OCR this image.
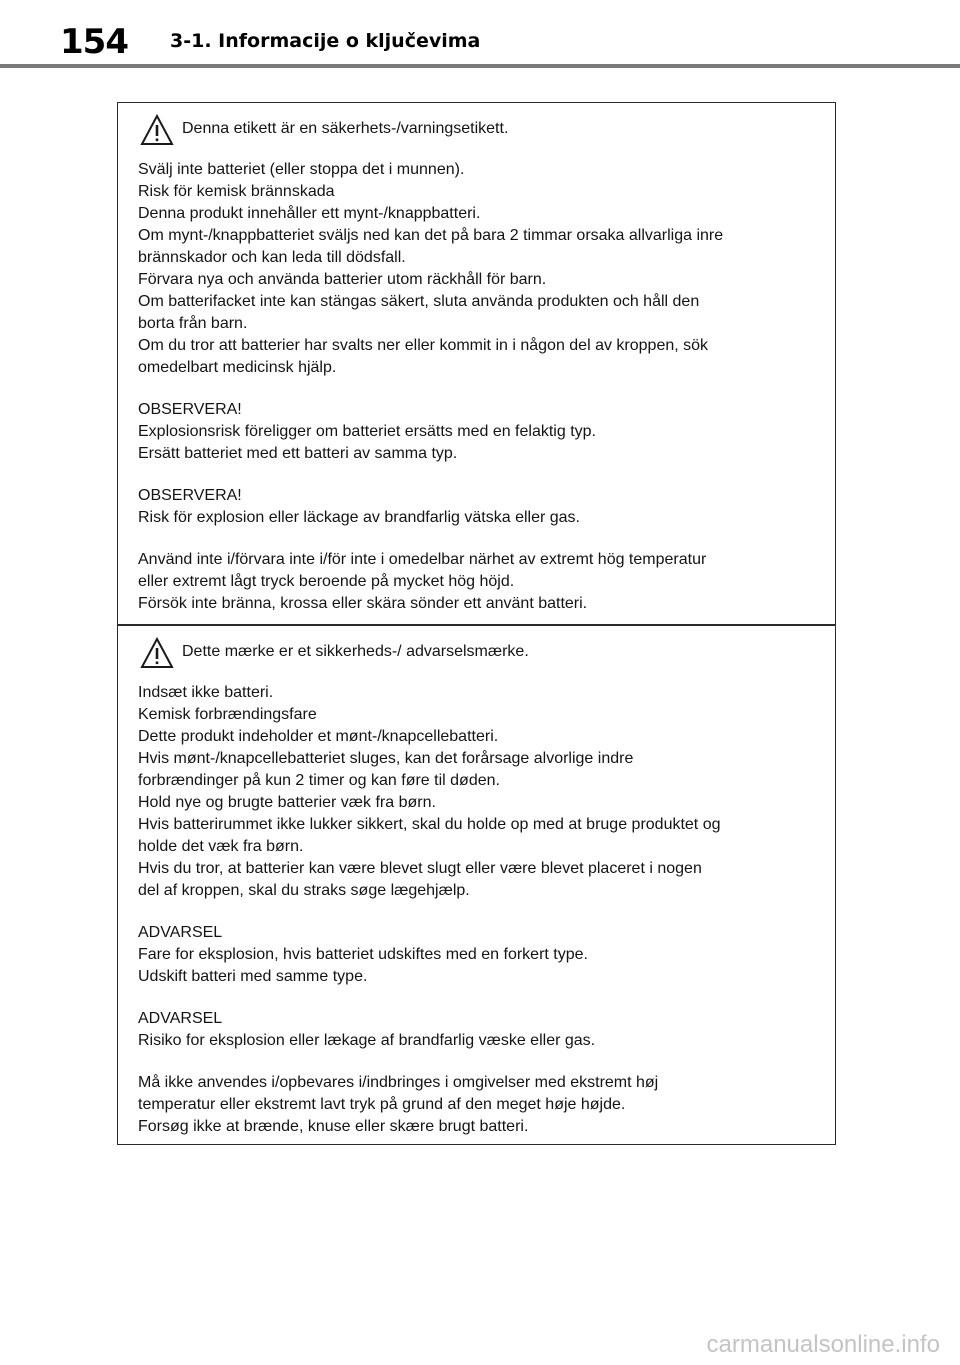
154 3-1. Informacije o ključevima
Denna etikett är en säkerhets-/varningsetikett.
Svälj inte batteriet (eller stoppa det i munnen).
Risk för kemisk brännskada
Denna produkt innehåller ett mynt-/knappbatteri.
Om mynt-/knappbatteriet sväljs ned kan det på bara 2 timmar orsaka allvarliga inre
brännskador och kan leda till dödsfall.
Förvara nya och använda batterier utom räckhåll för barn.
Om batterifacket inte kan stängas säkert, sluta använda produkten och håll den
borta från barn.
Om du tror att batterier har svalts ner eller kommit in i någon del av kroppen, sök
omedelbart medicinsk hjälp.
OBSERVERA!
Explosionsrisk föreligger om batteriet ersätts med en felaktig typ.
Ersätt batteriet med ett batteri av samma typ.
OBSERVERA!
Risk för explosion eller läckage av brandfarlig vätska eller gas.
Använd inte i/förvara inte i/för inte i omedelbar närhet av extremt hög temperatur
eller extremt lågt tryck beroende på mycket hög höjd.
Försök inte bränna, krossa eller skära sönder ett använt batteri.
Dette mærke er et sikkerheds-/ advarselsmærke.
Indsæt ikke batteri.
Kemisk forbrændingsfare
Dette produkt indeholder et mønt-/knapcellebatteri.
Hvis mønt-/knapcellebatteriet sluges, kan det forårsage alvorlige indre
forbrændinger på kun 2 timer og kan føre til døden.
Hold nye og brugte batterier væk fra børn.
Hvis batterirummet ikke lukker sikkert, skal du holde op med at bruge produktet og
holde det væk fra børn.
Hvis du tror, at batterier kan være blevet slugt eller være blevet placeret i nogen
del af kroppen, skal du straks søge lægehjælp.
ADVARSEL
Fare for eksplosion, hvis batteriet udskiftes med en forkert type.
Udskift batteri med samme type.
ADVARSEL
Risiko for eksplosion eller lækage af brandfarlig væske eller gas.
Må ikke anvendes i/opbevares i/indbringes i omgivelser med ekstremt høj
temperatur eller ekstremt lavt tryk på grund af den meget høje højde.
Forsøg ikke at brænde, knuse eller skære brugt batteri.
carmanualsonline.info
